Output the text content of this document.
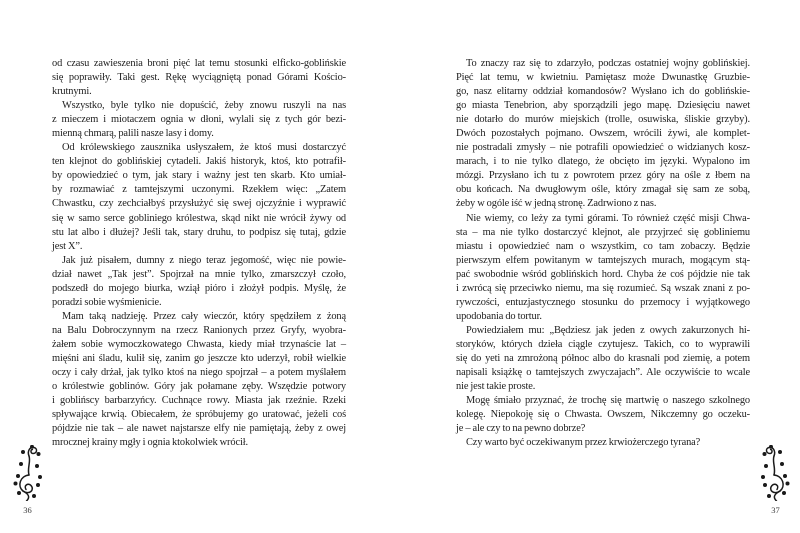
od czasu zawieszenia broni pięć lat temu stosunki elficko-goblińskie
się poprawiły. Taki gest. Rękę wyciągniętą ponad Górami Kościo-
krutnymi.
Wszystko, byle tylko nie dopuścić, żeby znowu ruszyli na nas
z mieczem i miotaczem ognia w dłoni, wylali się z tych gór bezi-
mienną chmarą, palili nasze lasy i domy.
Od królewskiego zausznika usłyszałem, że ktoś musi dostarczyć
ten klejnot do goblińskiej cytadeli. Jakiś historyk, ktoś, kto potrafił-
by opowiedzieć o tym, jak stary i ważny jest ten skarb. Kto umiał-
by rozmawiać z tamtejszymi uczonymi. Rzekłem więc: „Zatem
Chwastku, czy zechciałbyś przysłużyć się swej ojczyźnie i wyprawić
się w samo serce gobliniego królestwa, skąd nikt nie wrócił żywy od
stu lat albo i dłużej? Jeśli tak, stary druhu, to podpisz się tutaj, gdzie
jest X”.
Jak już pisałem, dumny z niego teraz jegomość, więc nie powie-
dział nawet „Tak jest”. Spojrzał na mnie tylko, zmarszczył czoło,
podszedł do mojego biurka, wziął pióro i złożył podpis. Myślę, że
poradzi sobie wyśmienicie.
Mam taką nadzieję. Przez cały wieczór, który spędziłem z żoną
na Balu Dobroczynnym na rzecz Ranionych przez Gryfy, wyobra-
żałem sobie wymoczkowatego Chwasta, kiedy miał trzynaście lat –
mięśni ani śladu, kulił się, zanim go jeszcze kto uderzył, robił wielkie
oczy i cały drżał, jak tylko ktoś na niego spojrzał – a potem myślałem
o królestwie goblinów. Góry jak połamane zęby. Wszędzie potwory
i goblińscy barbarzyńcy. Cuchnące rowy. Miasta jak rzeźnie. Rzeki
spływające krwią. Obiecałem, że spróbujemy go uratować, jeżeli coś
pójdzie nie tak – ale nawet najstarsze elfy nie pamiętają, żeby z owej
mrocznej krainy mgły i ognia ktokolwiek wrócił.
To znaczy raz się to zdarzyło, podczas ostatniej wojny goblińskiej.
Pięć lat temu, w kwietniu. Pamiętasz może Dwunastkę Gruzbie-
go, nasz elitarny oddział komandosów? Wysłano ich do goblińskie-
go miasta Tenebrion, aby sporządzili jego mapę. Dziesięciu nawet
nie dotarło do murów miejskich (trolle, osuwiska, śliskie grzyby).
Dwóch pozostałych pojmano. Owszem, wrócili żywi, ale komplet-
nie postradali zmysły – nie potrafili opowiedzieć o widzianych kosz-
marach, i to nie tylko dlatego, że obcięto im języki. Wypalono im
mózgi. Przysłano ich tu z powrotem przez góry na ośle z łbem na
obu końcach. Na dwugłowym ośle, który zmagał się sam ze sobą,
żeby w ogóle iść w jedną stronę. Zadrwiono z nas.
Nie wiemy, co leży za tymi górami. To również część misji Chwa-
sta – ma nie tylko dostarczyć klejnot, ale przyjrzeć się gobliniemu
miastu i opowiedzieć nam o wszystkim, co tam zobaczy. Będzie
pierwszym elfem powitanym w tamtejszych murach, mogącym stą-
pać swobodnie wśród goblińskich hord. Chyba że coś pójdzie nie tak
i zwrócą się przeciwko niemu, ma się rozumieć. Są wszak znani z po-
rywczości, entuzjastycznego stosunku do przemocy i wyjątkowego
upodobania do tortur.
Powiedziałem mu: „Będziesz jak jeden z owych zakurzonych hi-
storyków, których dzieła ciągle czytujesz. Takich, co to wyprawili
się do yeti na zmrożoną północ albo do krasnali pod ziemię, a potem
napisali książkę o tamtejszych zwyczajach”. Ale oczywiście to wcale
nie jest takie proste.
Mogę śmiało przyznać, że trochę się martwię o naszego szkolnego
kolegę. Niepokoję się o Chwasta. Owszem, Nikczemny go oczeku-
je – ale czy to na pewno dobrze?
Czy warto być oczekiwanym przez krwiożerczego tyrana?
36	37
